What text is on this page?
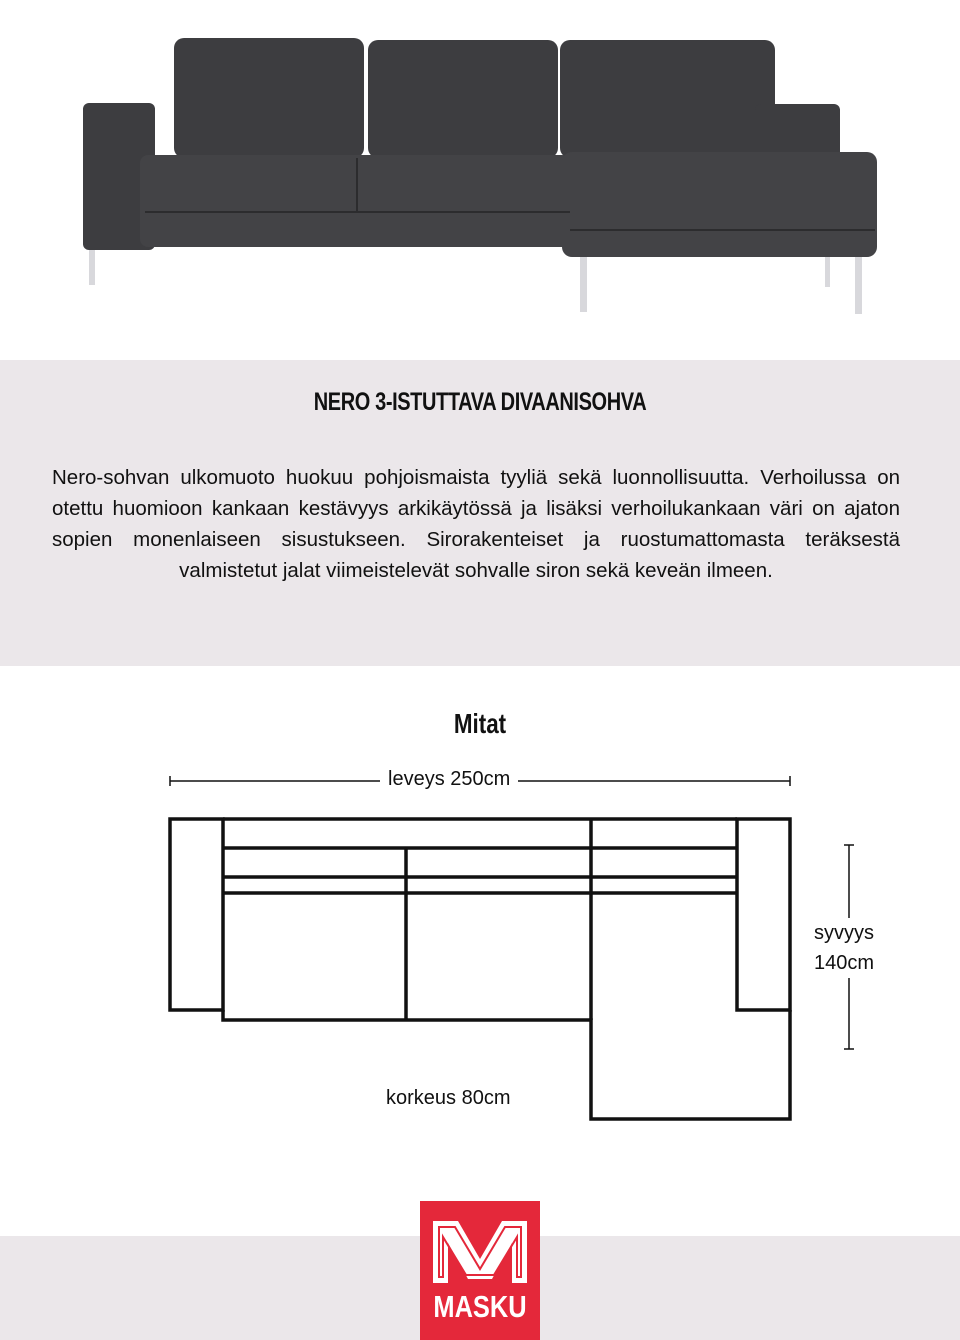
NERO 3-ISTUTTAVA DIVAANISOHVA
Nero-sohvan ulkomuoto huokuu pohjoismaista tyyliä sekä luonnollisuutta. Verhoilussa on otettu huomioon kankaan kestävyys arkikäytössä ja lisäksi verhoilukankaan väri on ajaton sopien monenlaiseen sisustukseen. Sirorakenteiset ja ruostumattomasta teräksestä valmistetut jalat viimeistelevät sohvalle siron sekä keveän ilmeen.
Mitat
leveys 250cm
syvyys
140cm
korkeus 80cm
MASKU
